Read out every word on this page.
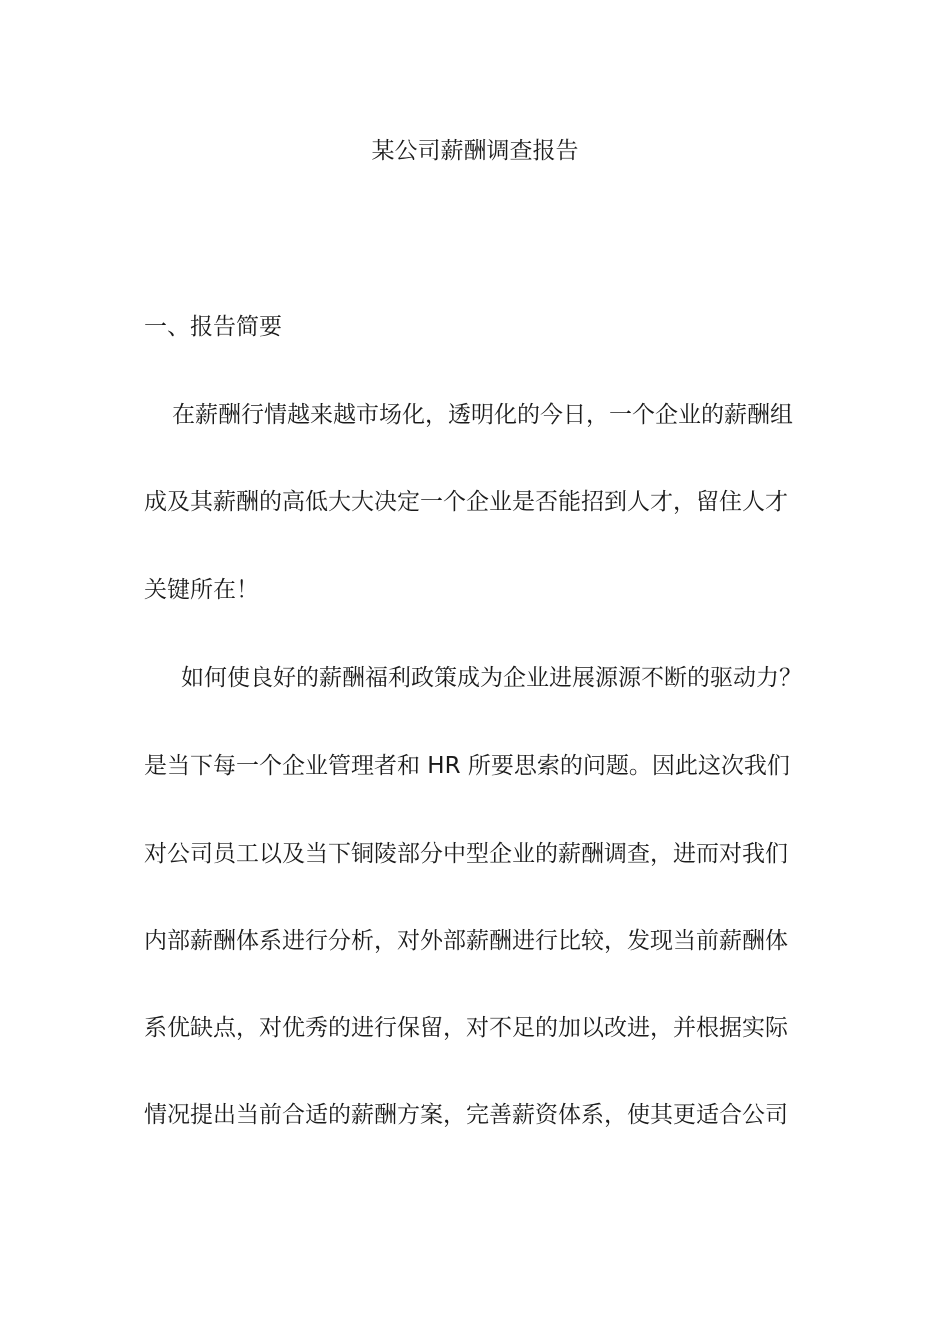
某公司薪酬调查报告
一、报告简要

在薪酬行情越来越市场化，透明化的今日，一个企业的薪酬组

成及其薪酬的高低大大决定一个企业是否能招到人才，留住人才

关键所在！

如何使良好的薪酬福利政策成为企业进展源源不断的驱动力？

是当下每一个企业管理者和 HR 所要思索的问题。因此这次我们

对公司员工以及当下铜陵部分中型企业的薪酬调查，进而对我们

内部薪酬体系进行分析，对外部薪酬进行比较，发现当前薪酬体

系优缺点，对优秀的进行保留，对不足的加以改进，并根据实际

情况提出当前合适的薪酬方案，完善薪资体系，使其更适合公司
